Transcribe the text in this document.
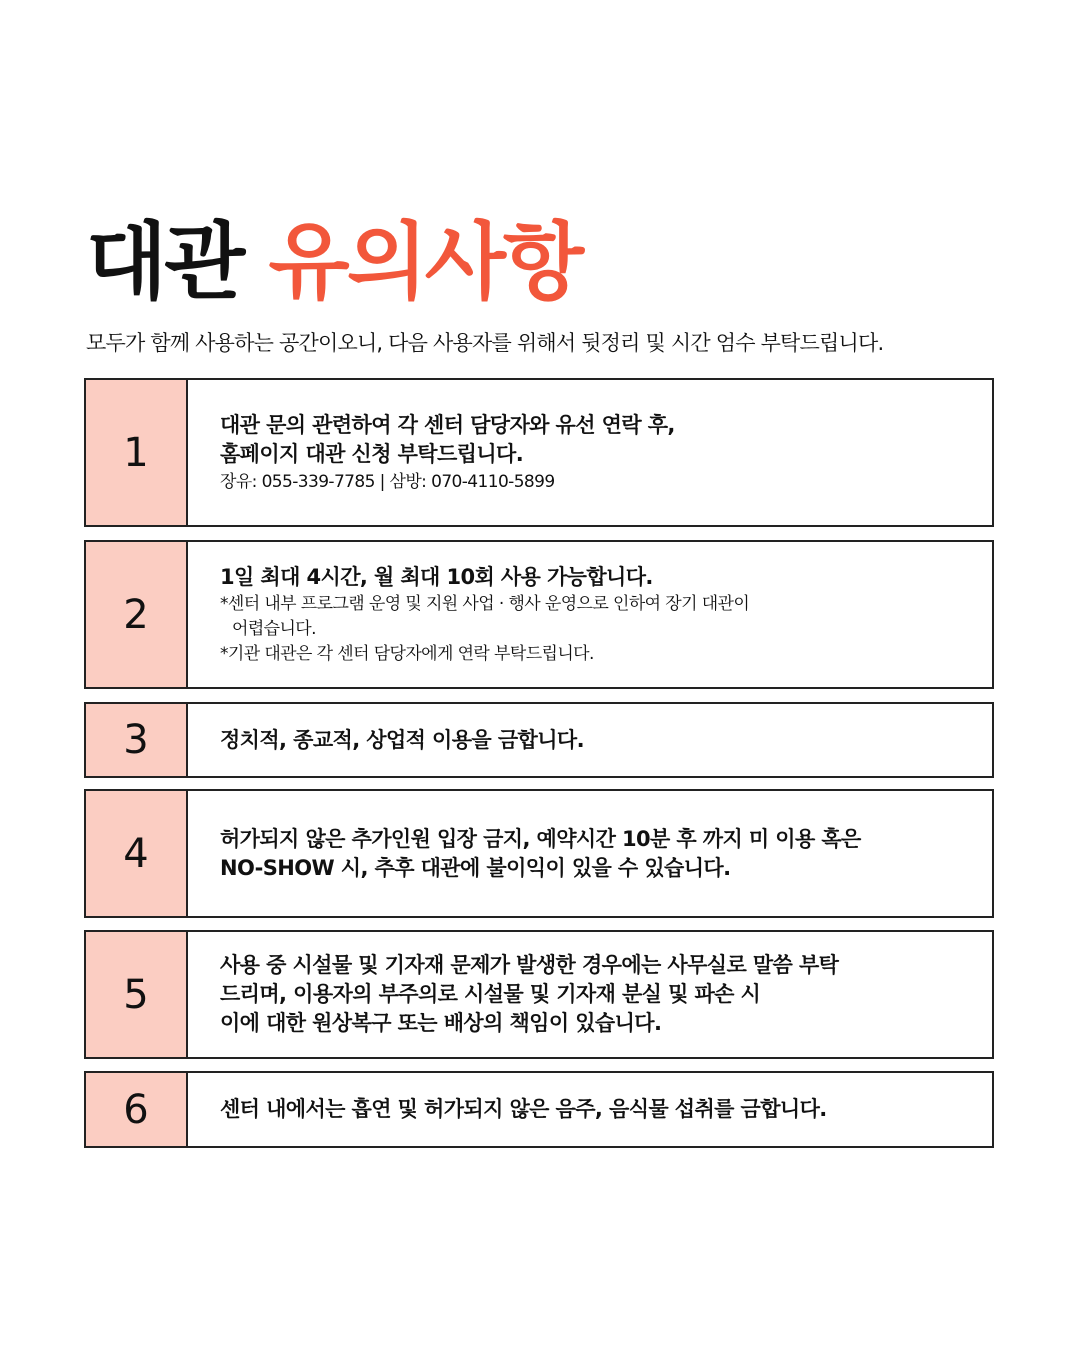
대관 유의사항

모두가 함께 사용하는 공간이오니, 다음 사용자를 위해서 뒷정리 및 시간 엄수 부탁드립니다.

1
대관 문의 관련하여 각 센터 담당자와 유선 연락 후,
홈페이지 대관 신청 부탁드립니다.
장유: 055-339-7785 | 삼방: 070-4110-5899
2
1일 최대 4시간, 월 최대 10회 사용 가능합니다.
*센터 내부 프로그램 운영 및 지원 사업 · 행사 운영으로 인하여 장기 대관이
어렵습니다.
*기관 대관은 각 센터 담당자에게 연락 부탁드립니다.
3	정치적, 종교적, 상업적 이용을 금합니다.
4	허가되지 않은 추가인원 입장 금지, 예약시간 10분 후 까지 미 이용 혹은
NO-SHOW 시, 추후 대관에 불이익이 있을 수 있습니다.
5
사용 중 시설물 및 기자재 문제가 발생한 경우에는 사무실로 말씀 부탁
드리며, 이용자의 부주의로 시설물 및 기자재 분실 및 파손 시
이에 대한 원상복구 또는 배상의 책임이 있습니다.
6	센터 내에서는 흡연 및 허가되지 않은 음주, 음식물 섭취를 금합니다.
